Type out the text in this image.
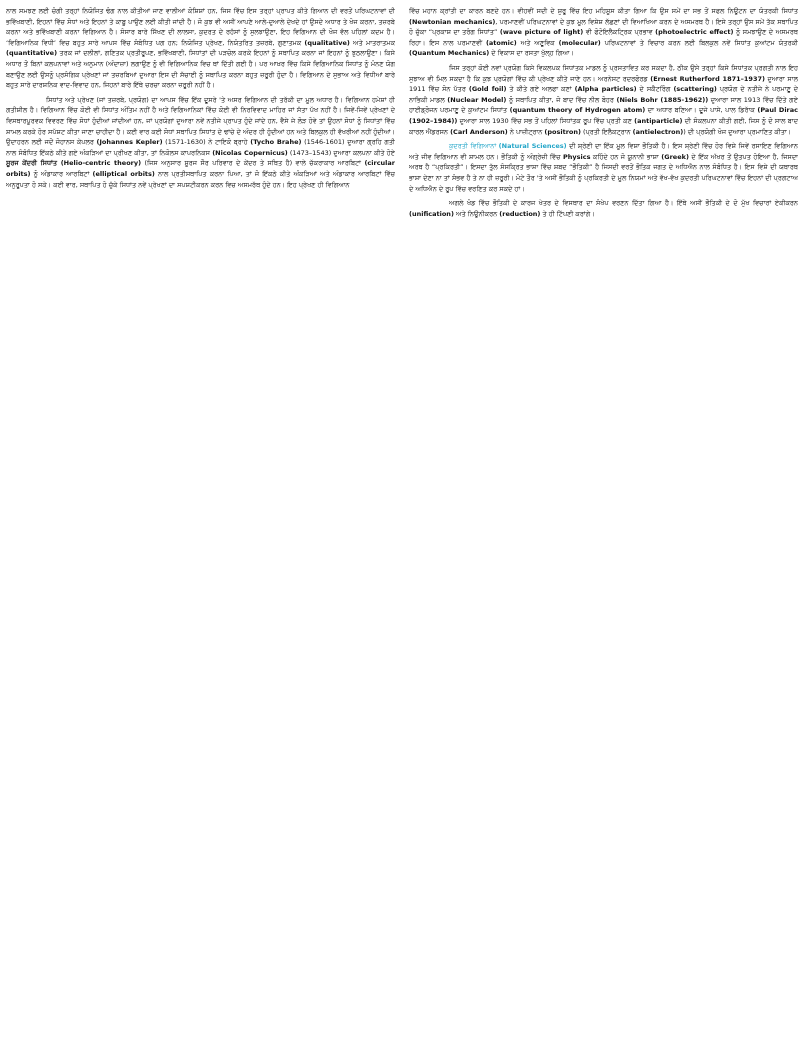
ਨਾਲ ਸਮਝਣ ਲਈ ਚੰਗੀ ਤਰ੍ਹਾਂ ਨਿਯੋਜਿਤ ਢੰਗ ਨਾਲ ਕੀਤੀਆਂ ਜਾਣ ਵਾਲੀਆਂ ਕੋਸ਼ਿਸ਼ਾਂ ਹਨ, ਜਿਸ ਵਿੱਚ ਇਸ ਤਰ੍ਹਾਂ ਪ੍ਰਾਪਤ ਕੀਤੇ ਗਿਆਨ ਦੀ ਵਰਤੋਂ ਪਰਿਘਟਨਾਵਾਂ ਦੀ ਭਵਿੱਖਬਾਣੀ, ਇਹਨਾਂ ਵਿੱਚ ਸੋਧਾਂ ਅਤੇ ਇਹਨਾਂ ਤੇ ਕਾਬੂ ਪਾਉਣ ਲਈ ਕੀਤੀ ਜਾਂਦੀ ਹੈ। ਜੋ ਕੁਝ ਵੀ ਅਸੀਂ ਆਪਣੇ ਆਲੇ-ਦੁਆਲੇ ਦੇਖਦੇ ਹਾਂ ਉਸਦੇ ਅਧਾਰ ਤੇ ਖੋਜ ਕਰਨਾ, ਤਜ਼ਰਬੇ ਕਰਨਾ ਅਤੇ ਭਵਿੱਖਬਾਣੀ ਕਰਨਾ ਵਿਗਿਆਨ ਹੈ। ਸੰਸਾਰ ਬਾਰੇ ਸਿੱਖਣ ਦੀ ਲਾਲਸਾ, ਕੁਦਰਤ ਦੇ ਰਹੱਸਾਂ ਨੂੰ ਸੁਲਝਾਉਣਾ, ਇਹ ਵਿਗਿਆਨ ਦੀ ਖੋਜ ਵੱਲ ਪਹਿਲਾਂ ਕਦਮ ਹੈ। ‘ਵਿਗਿਆਨਿਕ ਵਿਧੀ’ ਵਿਚ ਬਹੁਤ ਸਾਰੇ ਆਪਸ ਵਿੱਚ ਸੰਬੰਧਿਤ ਪਗ ਹਨ; ਨਿਯੋਜਿਤ ਪ੍ਰੇਖਣ, ਨਿਯੰਤਰਿਤ ਤਜ਼ਰਬੇ, ਗੁਣਾਤਮਕ (qualitative) ਅਤੇ ਮਾਤਰਾਤਮਕ (quantitative) ਤਰਕ ਜਾਂ ਦਲੀਲਾਂ, ਗਣਿਤਕ ਪ੍ਰਤੀਰੂਪਣ, ਭਵਿੱਖਬਾਣੀ, ਸਿਧਾਂਤਾਂ ਦੀ ਪੜਚੋਲ ਕਰਕੇ ਇਹਨਾਂ ਨੂੰ ਸਥਾਪਿਤ ਕਰਨਾ ਜਾਂ ਇਹਨਾਂ ਨੂੰ ਝੁਠਲਾਉਣਾ। ਕਿਸੇ ਅਧਾਰ ਤੋਂ ਬਿਨਾਂ ਕਲਪਨਾਵਾਂ ਅਤੇ ਅਨੁਮਾਨ (ਅੰਦਾਜ਼ਾ) ਲਗਾਉਣ ਨੂੰ ਵੀ ਵਿਗਿਆਨਿਕ ਵਿਚ ਥਾਂ ਦਿੱਤੀ ਗਈ ਹੈ। ਪਰ ਆਖ਼ਰ ਵਿੱਚ ਕਿਸੇ ਵਿਗਿਆਨਿਕ ਸਿਧਾਂਤ ਨੂੰ ਮੰਨਣ ਯੋਗ ਬਣਾਉਣ ਲਈ ਉਸਨੂੰ ਪ੍ਰਸੰਗਿਕ ਪ੍ਰੇਖਣਾਂ ਜਾਂ ਤਜ਼ਰਬਿਆਂ ਦੁਆਰਾ ਇਸ ਦੀ ਸੱਚਾਈ ਨੂੰ ਸਥਾਪਿਤ ਕਰਨਾ ਬਹੁਤ ਜ਼ਰੂਰੀ ਹੁੰਦਾ ਹੈ। ਵਿਗਿਆਨ ਦੇ ਸੁਭਾਅ ਅਤੇ ਵਿਧੀਆਂ ਬਾਰੇ ਬਹੁਤ ਸਾਰੇ ਦਾਰਸ਼ਨਿਕ ਵਾਦ-ਵਿਵਾਦ ਹਨ, ਜਿਹਨਾਂ ਬਾਰੇ ਇੱਥੇ ਚਰਚਾ ਕਰਨਾ ਜ਼ਰੂਰੀ ਨਹੀਂ ਹੈ।

ਸਿਧਾਂਤ ਅਤੇ ਪ੍ਰੇਖਣ (ਜਾਂ ਤਜ਼ਰਬੇ, ਪ੍ਰਯੋਗ) ਦਾ ਆਪਸ ਵਿੱਚ ਇੱਕ ਦੂਸਰੇ 'ਤੇ ਅਸਰ ਵਿਗਿਆਨ ਦੀ ਤਰੱਕੀ ਦਾ ਮੂਲ ਅਧਾਰ ਹੈ। ਵਿਗਿਆਨ ਹਮੇਸ਼ਾਂ ਹੀ ਗਤੀਸ਼ੀਲ ਹੈ। ਵਿਗਿਆਨ ਵਿੱਚ ਕੋਈ ਵੀ ਸਿਧਾਂਤ ਅੰਤਿਮ ਨਹੀਂ ਹੈ ਅਤੇ ਵਿਗਿਆਨਿਕਾਂ ਵਿੱਚ ਕੋਈ ਵੀ ਨਿਰਵਿਵਾਦ ਮਾਹਿਰ ਜਾਂ ਸੱਤਾ ਪੱਖ ਨਹੀਂ ਹੈ। ਜਿਵੇਂ-ਜਿਵੇਂ ਪ੍ਰੇਖਣਾਂ ਦੇ ਵਿਸਥਾਰਪੂਰਵਕ ਵਿਵਰਣ ਵਿੱਚ ਸੋਧਾਂ ਹੁੰਦੀਆਂ ਜਾਂਦੀਆਂ ਹਨ, ਜਾਂ ਪ੍ਰਯੋਗਾਂ ਦੁਆਰਾ ਨਵੇਂ ਨਤੀਜੇ ਪ੍ਰਾਪਤ ਹੁੰਦੇ ਜਾਂਦੇ ਹਨ, ਵੈਸੇ ਜੇ ਲੋੜ ਹੋਵੇ ਤਾਂ ਉਹਨਾਂ ਸੋਧਾਂ ਨੂੰ ਸਿਧਾਂਤਾਂ ਵਿੱਚ ਸ਼ਾਮਲ ਕਰਕੇ ਹੋਰ ਸਪੱਸ਼ਟ ਕੀਤਾ ਜਾਣਾ ਚਾਹੀਦਾ ਹੈ। ਕਈ ਵਾਰ ਕਈ ਸੋਧਾਂ ਸਥਾਪਿਤ ਸਿਧਾਂਤ ਦੇ ਢਾਂਚੇ ਦੇ ਅੰਦਰ ਹੀ ਹੁੰਦੀਆਂ ਹਨ ਅਤੇ ਬਿਲਕੁਲ ਹੀ ਵੱਖਰੀਆਂ ਨਹੀਂ ਹੁੰਦੀਆਂ। ਉਦਾਹਰਨ ਲਈ ਜਦੋਂ ਜੋਹਾਨਸ ਕੇਪਲਰ (Johannes Kepler) (1571-1630) ਨੇ ਟਾਇਕੋ ਬ੍ਰਾਹੇ (Tycho Brahe) (1546-1601) ਦੁਆਰਾ ਗ੍ਰਹਿ ਗਤੀ ਨਾਲ ਸੰਬੰਧਿਤ ਇੱਕਠੇ ਕੀਤੇ ਗਏ ਅੰਕੜਿਆਂ ਦਾ ਪ੍ਰੀਖਣ ਕੀਤਾ, ਤਾਂ ਨਿਕੋਲਸ ਕਾਪਰਨਿਕਸ (Nicolas Copernicus) (1473–1543) ਦੁਆਰਾ ਕਲਪਨਾ ਕੀਤੇ ਹੋਏ ਸੂਰਜ ਕੇਂਦਰੀ ਸਿਧਾਂਤ (Helio-centric theory) (ਜਿਸ ਅਨੁਸਾਰ ਸੂਰਜ ਸੌਰ ਪਰਿਵਾਰ ਦੇ ਕੇਂਦਰ ਤੇ ਸਥਿਤ ਹੈ) ਵਾਲੇ ਚੱਕਰਾਕਾਰ ਆਰਬਿਟਾਂ (circular orbits) ਨੂੰ ਅੰਡਾਕਾਰ ਆਰਬਿਟਾਂ (elliptical orbits) ਨਾਲ ਪ੍ਰਤੀਸਥਾਪਿਤ ਕਰਨਾ ਪਿਆ, ਤਾਂ ਜੋ ਇੱਕਠੇ ਕੀਤੇ ਅੰਕੜਿਆਂ ਅਤੇ ਅੰਡਾਕਾਰ ਆਰਬਿਟਾਂ ਵਿੱਚ ਅਨੁਰੂਪਤਾ ਹੋ ਸਕੇ। ਕਈ ਵਾਰ, ਸਥਾਪਿਤ ਹੋ ਚੁੱਕੇ ਸਿਧਾਂਤ ਨਵੇਂ ਪ੍ਰੇਖਣਾਂ ਦਾ ਸਪਸ਼ਟੀਕਰਨ ਕਰਨ ਵਿਚ ਅਸਮਰੱਥ ਹੁੰਦੇ ਹਨ। ਇਹ ਪ੍ਰੇਖਣ ਹੀ ਵਿਗਿਆਨ

ਵਿੱਚ ਮਹਾਨ ਕ੍ਰਾਂਤੀ ਦਾ ਕਾਰਨ ਬਣਦੇ ਹਨ। ਵੀਹਵੀਂ ਸਦੀ ਦੇ ਸ਼ੁਰੂ ਵਿੱਚ ਇਹ ਮਹਿਸੂਸ ਕੀਤਾ ਗਿਆ ਕਿ ਉਸ ਸਮੇਂ ਦਾ ਸਭ ਤੋਂ ਸਫਲ ਨਿਊਟਨ ਦਾ ਯੰਤਰਕੀ ਸਿਧਾਂਤ (Newtonian mechanics), ਪਰਮਾਣਵੀਂ ਪਰਿਘਟਨਾਵਾਂ ਦੇ ਕੁਝ ਮੂਲ ਵਿਸ਼ੇਸ਼ ਲੱਛਣਾਂ ਦੀ ਵਿਆਖਿਆ ਕਰਨ ਦੇ ਅਸਮਰਥ ਹੈ। ਇਸੇ ਤਰ੍ਹਾਂ ਉਸ ਸਮੇਂ ਤੱਕ ਸਥਾਪਿਤ ਹੋ ਚੁੱਕਾ “ਪ੍ਰਕਾਸ਼ ਦਾ ਤਰੰਗ ਸਿਧਾਂਤ” (wave picture of light) ਵੀ ਫੋਟੋਇਲੈਕਟ੍ਰਿਕ ਪ੍ਰਭਾਵ (photoelectric effect) ਨੂੰ ਸਮਝਾਉਣ ਦੇ ਅਸਮਰਥ ਰਿਹਾ। ਇਸ ਨਾਲ ਪਰਮਾਣਵੀਂ (atomic) ਅਤੇ ਅਣੂਵਿਕ (molecular) ਪਰਿਘਟਨਾਵਾਂ ਤੇ ਵਿਚਾਰ ਕਰਨ ਲਈ ਬਿਲਕੁਲ ਨਵੇਂ ਸਿਧਾਂਤ ਕੁਆਂਟਮ ਯੰਤਰਕੀ (Quantum Mechanics) ਦੇ ਵਿਕਾਸ ਦਾ ਰਸਤਾ ਖੁੱਲ੍ਹ ਗਿਆ।

ਜਿਸ ਤਰ੍ਹਾਂ ਕੋਈ ਨਵਾਂ ਪ੍ਰਯੋਗ ਕਿਸੇ ਵਿਕਲਪਕ ਸਿਧਾਂਤਕ ਮਾਡਲ ਨੂੰ ਪ੍ਰਸਤਾਵਿਤ ਕਰ ਸਕਦਾ ਹੈ, ਠੀਕ ਉਸੇ ਤਰ੍ਹਾਂ ਕਿਸੇ ਸਿਧਾਂਤਕ ਪ੍ਰਗਤੀ ਨਾਲ ਇਹ ਸੁਝਾਅ ਵੀ ਮਿਲ ਸਕਦਾ ਹੈ ਕਿ ਕੁਝ ਪ੍ਰਯੋਗਾਂ ਵਿੱਚ ਕੀ ਪ੍ਰੇਖਣ ਕੀਤੇ ਜਾਣੇ ਹਨ। ਅਰਨੇਸਟ ਰਦਰਫੋਰਡ (Ernest Rutherford 1871–1937) ਦੁਆਰਾ ਸਾਲ 1911 ਵਿੱਚ ਸੋਨ ਪੱਤਰ (Gold foil) ਤੇ ਕੀਤੇ ਗਏ ਅਲਫਾ ਕਣਾਂ (Alpha particles) ਦੇ ਸਕੈਟਰਿੰਗ (scattering) ਪ੍ਰਯੋਗ ਦੇ ਨਤੀਜੇ ਨੇ ਪਰਮਾਣੂ ਦੇ ਨਾਭਿਕੀ ਮਾਡਲ (Nuclear Model) ਨੂੰ ਸਥਾਪਿਤ ਕੀਤਾ, ਜੋ ਬਾਦ ਵਿੱਚ ਨੀਲ ਬੋਹਰ (Niels Bohr (1885-1962)) ਦੁਆਰਾ ਸਾਲ 1913 ਵਿੱਚ ਦਿੱਤੇ ਗਏ ਹਾਈਡ੍ਰੋਜਨ ਪਰਮਾਣੂ ਦੇ ਕੁਆਂਟਮ ਸਿਧਾਂਤ (quantum theory of Hydrogen atom) ਦਾ ਅਧਾਰ ਬਣਿਆ। ਦੂਜੇ ਪਾਸੇ, ਪਾਲ ਡਿਰਾੱਕ (Paul Dirac (1902–1984)) ਦੁਆਰਾ ਸਾਲ 1930 ਵਿੱਚ ਸਭ ਤੋਂ ਪਹਿਲਾਂ ਸਿਧਾਂਤਕ ਰੂਪ ਵਿੱਚ ਪ੍ਰਤੀ ਕਣ (antiparticle) ਦੀ ਸੰਕਲਪਨਾ ਕੀਤੀ ਗਈ, ਜਿਸ ਨੂੰ ਦੋ ਸਾਲ ਬਾਦ ਕਾਰਲ ਐਂਡਰਸਨ (Carl Anderson) ਨੇ ਪਾਜ਼ੀਟ੍ਰਾਨ (positron) (ਪ੍ਰਤੀ ਇਲੈਕਟ੍ਰਾਨ (antielectron)) ਦੀ ਪ੍ਰਯੋਗੀ ਖੋਜ ਦੁਆਰਾ ਪ੍ਰਮਾਣਿਤ ਕੀਤਾ।

ਕੁਦਰਤੀ ਵਿਗਿਆਨਾਂ (Natural Sciences) ਦੀ ਸ਼੍ਰੇਣੀ ਦਾ ਇੱਕ ਮੂਲ ਵਿਸ਼ਾ ਭੌਤਿਕੀ ਹੈ। ਇਸ ਸ਼੍ਰੇਣੀ ਵਿੱਚ ਹੋਰ ਵਿਸ਼ੇ ਜਿਵੇਂ ਰਸਾਇਣ ਵਿਗਿਆਨ ਅਤੇ ਜੀਵ ਵਿਗਿਆਨ ਵੀ ਸ਼ਾਮਲ ਹਨ। ਭੌਤਿਕੀ ਨੂੰ ਅੰਗ੍ਰੇਜ਼ੀ ਵਿੱਚ Physics ਕਹਿੰਦੇ ਹਨ ਜੋ ਯੂਨਾਨੀ ਭਾਸ਼ਾ (Greek) ਦੇ ਇੱਕ ਅੱਖਰ ਤੋਂ ਉਤਪਤ ਹੋਇਆ ਹੈ, ਜਿਸਦਾ ਅਰਥ ਹੈ “ਪ੍ਰਕਿਰਤੀ”। ਇਸਦਾ ਤੁੱਲ ਸੰਸਕ੍ਰਿਤ ਭਾਸ਼ਾ ਵਿੱਚ ਸ਼ਬਦ “ਭੌਤਿਕੀ” ਹੈ ਜਿਸਦੀ ਵਰਤੋਂ ਭੌਤਿਕ ਜਗਤ ਦੇ ਅਧਿਐਨ ਨਾਲ ਸੰਬੰਧਿਤ ਹੈ। ਇਸ ਵਿਸ਼ੇ ਦੀ ਯਥਾਰਥ ਭਾਸ਼ਾ ਦੇਣਾ ਨਾ ਤਾਂ ਸੰਭਵ ਹੈ ਤੇ ਨਾ ਹੀ ਜ਼ਰੂਰੀ। ਮੋਟੇ ਤੌਰ 'ਤੇ ਅਸੀਂ ਭੌਤਿਕੀ ਨੂੰ ਪ੍ਰਕਿਰਤੀ ਦੇ ਮੂਲ ਨਿਯਮਾਂ ਅਤੇ ਵੱਖ-ਵੱਖ ਕੁਦਰਤੀ ਪਰਿਘਟਨਾਵਾਂ ਵਿੱਚ ਇਹਨਾਂ ਦੀ ਪ੍ਰਗਟਾਅ ਦੇ ਅਧਿਐਨ ਦੇ ਰੂਪ ਵਿੱਚ ਵਰਣਿਤ ਕਰ ਸਕਦੇ ਹਾਂ।

ਅਗਲੇ ਖੰਡ ਵਿੱਚ ਭੌਤਿਕੀ ਦੇ ਕਾਰਜ ਖੇਤਰ ਦੇ ਵਿਸਥਾਰ ਦਾ ਸੰਖੇਪ ਵਰਣਨ ਦਿੱਤਾ ਗਿਆ ਹੈ। ਇੱਥੇ ਅਸੀਂ ਭੌਤਿਕੀ ਦੇ ਦੋ ਮੁੱਖ ਵਿਚਾਰਾਂ ਏਕੀਕਰਨ (unification) ਅਤੇ ਨਿਊਨੀਕਰਨ (reduction) ਤੇ ਹੀ ਟਿੱਪਣੀ ਕਰਾਂਗੇ।
